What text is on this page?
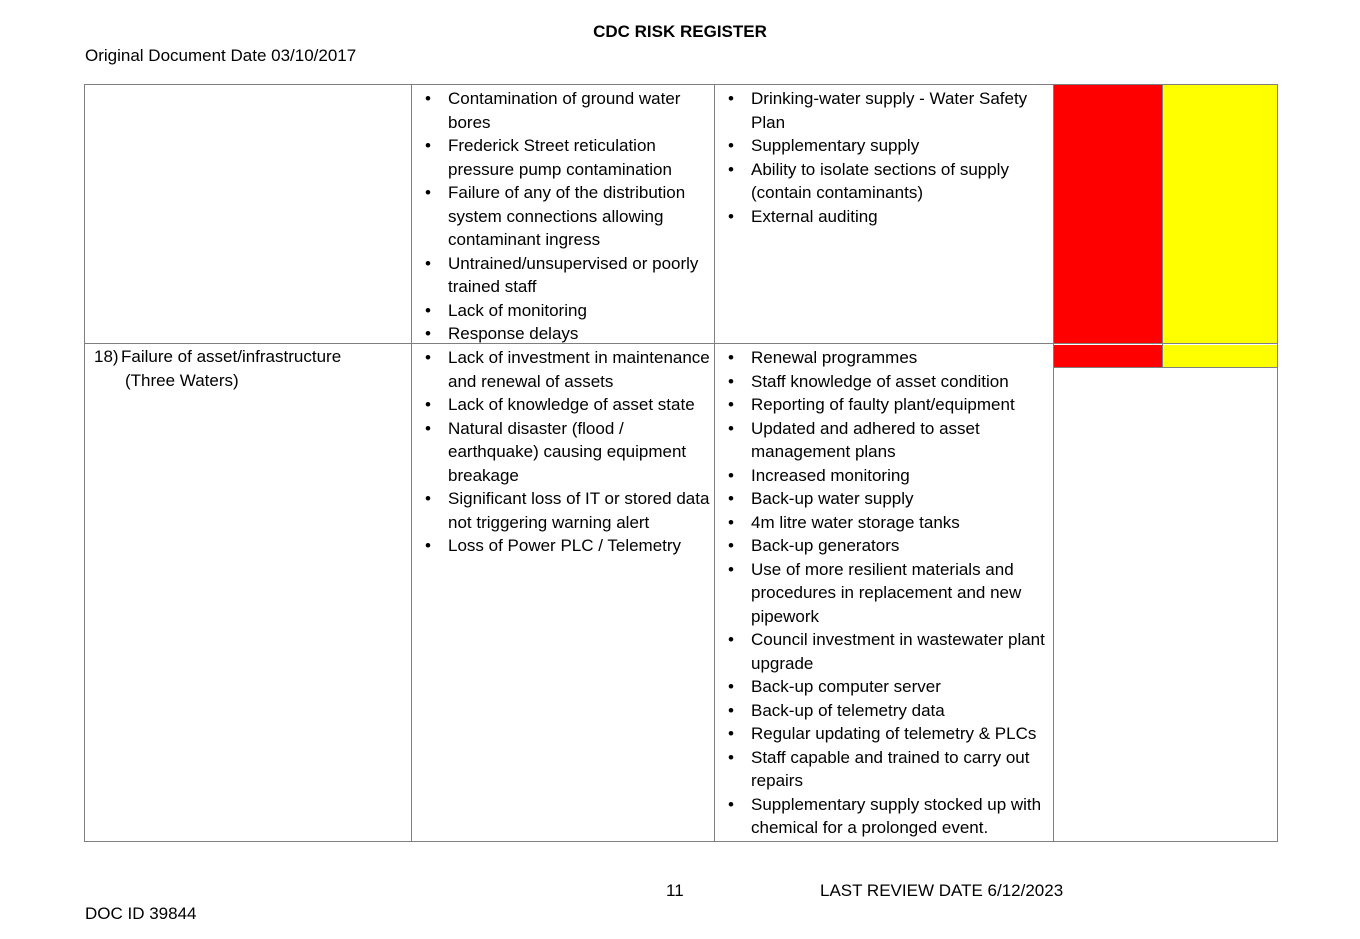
CDC RISK REGISTER
Original Document Date 03/10/2017
• Contamination of ground water bores
• Frederick Street reticulation pressure pump contamination
• Failure of any of the distribution system connections allowing contaminant ingress
• Untrained/unsupervised or poorly trained staff
• Lack of monitoring
• Response delays
• Drinking-water supply - Water Safety Plan
• Supplementary supply
• Ability to isolate sections of supply (contain contaminants)
• External auditing
18) Failure of asset/infrastructure
(Three Waters)
• Lack of investment in maintenance and renewal of assets
• Lack of knowledge of asset state
• Natural disaster (flood / earthquake) causing equipment breakage
• Significant loss of IT or stored data not triggering warning alert
• Loss of Power PLC / Telemetry
• Renewal programmes
• Staff knowledge of asset condition
• Reporting of faulty plant/equipment
• Updated and adhered to asset management plans
• Increased monitoring
• Back-up water supply
• 4m litre water storage tanks
• Back-up generators
• Use of more resilient materials and procedures in replacement and new pipework
• Council investment in wastewater plant upgrade
• Back-up computer server
• Back-up of telemetry data
• Regular updating of telemetry & PLCs
• Staff capable and trained to carry out repairs
• Supplementary supply stocked up with chemical for a prolonged event.
11	LAST REVIEW DATE 6/12/2023
DOC ID 39844
